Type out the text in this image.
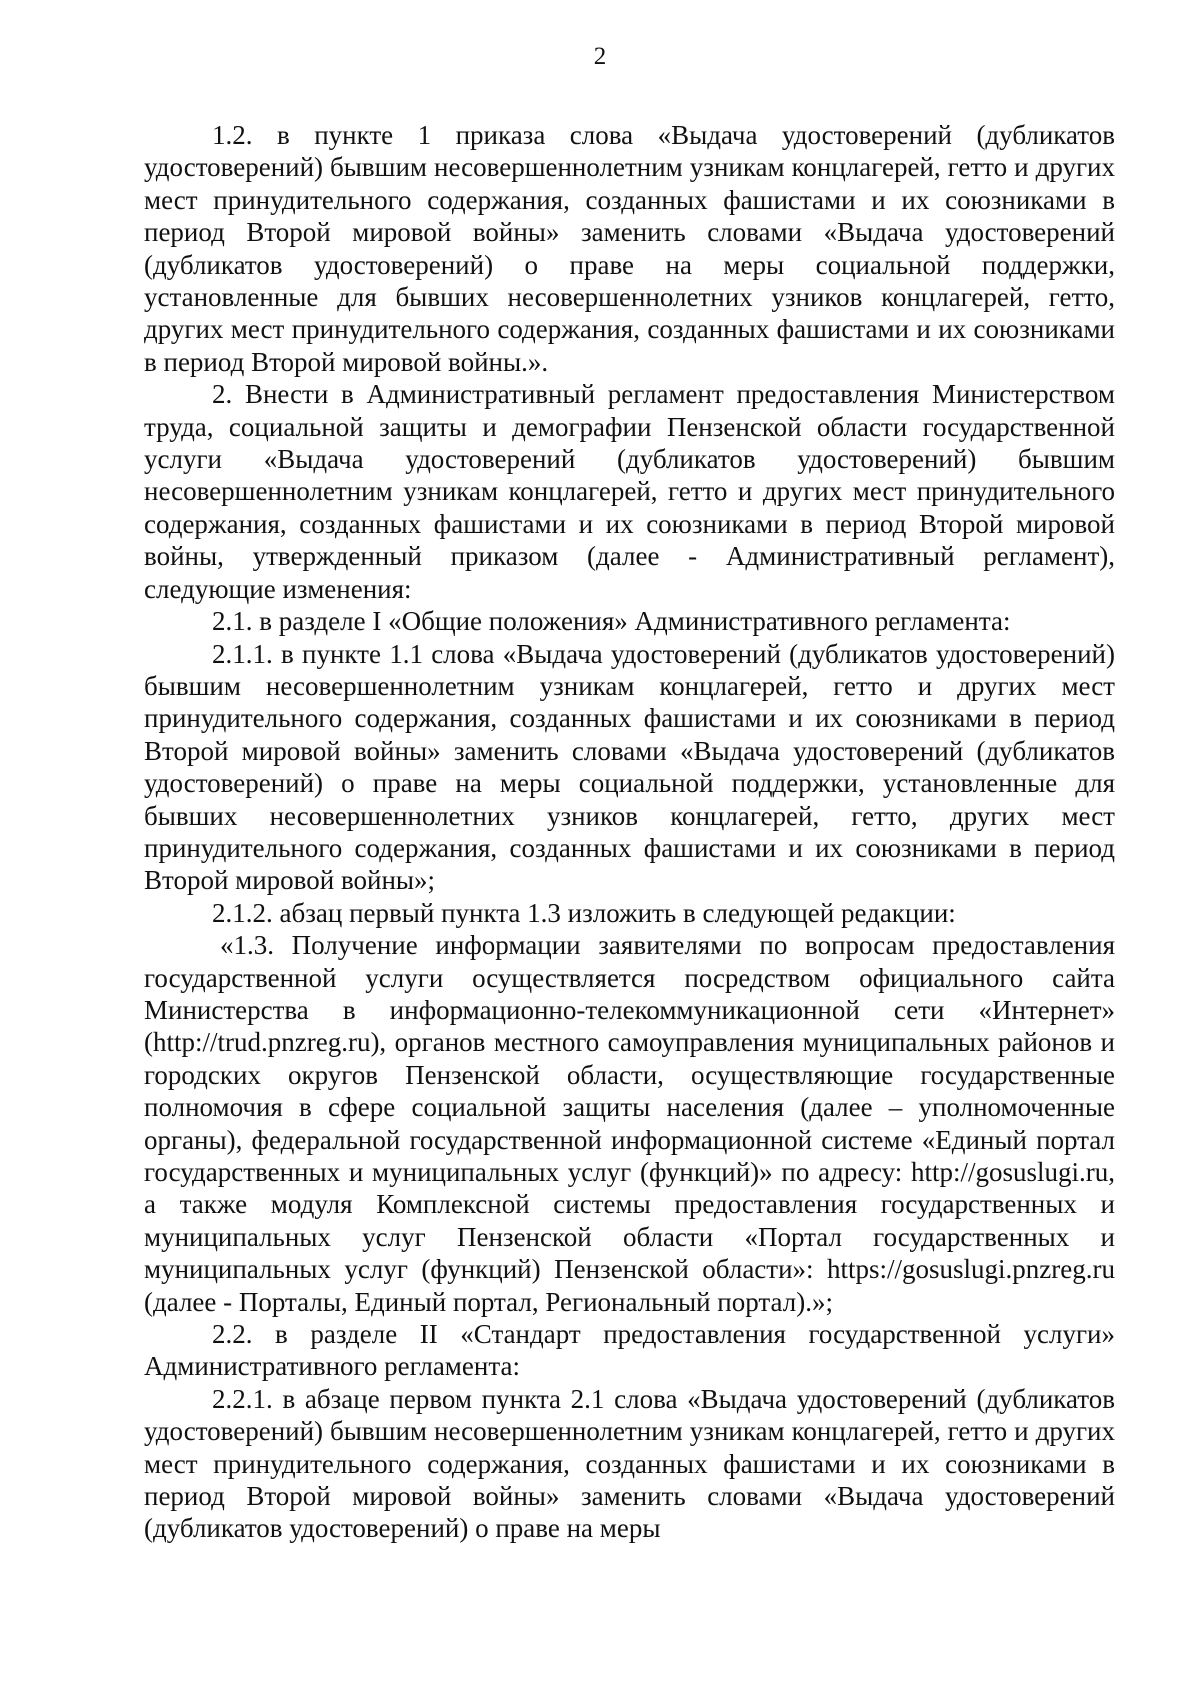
2

1.2. в пункте 1 приказа слова «Выдача удостоверений (дубликатов удостоверений) бывшим несовершеннолетним узникам концлагерей, гетто и других мест принудительного содержания, созданных фашистами и их союзниками в период Второй мировой войны» заменить словами «Выдача удостоверений (дубликатов удостоверений) о праве на меры социальной поддержки, установленные для бывших несовершеннолетних узников концлагерей, гетто, других мест принудительного содержания, созданных фашистами и их союзниками в период Второй мировой войны.».

2. Внести в Административный регламент предоставления Министерством труда, социальной защиты и демографии Пензенской области государственной услуги «Выдача удостоверений (дубликатов удостоверений) бывшим несовершеннолетним узникам концлагерей, гетто и других мест принудительного содержания, созданных фашистами и их союзниками в период Второй мировой войны, утвержденный приказом (далее - Административный регламент), следующие изменения:

2.1. в разделе I «Общие положения» Административного регламента:

2.1.1. в пункте 1.1 слова «Выдача удостоверений (дубликатов удостоверений) бывшим несовершеннолетним узникам концлагерей, гетто и других мест принудительного содержания, созданных фашистами и их союзниками в период Второй мировой войны» заменить словами «Выдача удостоверений (дубликатов удостоверений) о праве на меры социальной поддержки, установленные для бывших несовершеннолетних узников концлагерей, гетто, других мест принудительного содержания, созданных фашистами и их союзниками в период Второй мировой войны»;

2.1.2. абзац первый пункта 1.3 изложить в следующей редакции:

«1.3. Получение информации заявителями по вопросам предоставления государственной услуги осуществляется посредством официального сайта Министерства в информационно-телекоммуникационной сети «Интернет» (http://trud.pnzreg.ru), органов местного самоуправления муниципальных районов и городских округов Пензенской области, осуществляющие государственные полномочия в сфере социальной защиты населения (далее – уполномоченные органы), федеральной государственной информационной системе «Единый портал государственных и муниципальных услуг (функций)» по адресу: http://gosuslugi.ru, а также модуля Комплексной системы предоставления государственных и муниципальных услуг Пензенской области «Портал государственных и муниципальных услуг (функций) Пензенской области»: https://gosuslugi.pnzreg.ru (далее - Порталы, Единый портал, Региональный портал).»;

2.2. в разделе II «Стандарт предоставления государственной услуги» Административного регламента:

2.2.1. в абзаце первом пункта 2.1 слова «Выдача удостоверений (дубликатов удостоверений) бывшим несовершеннолетним узникам концлагерей, гетто и других мест принудительного содержания, созданных фашистами и их союзниками в период Второй мировой войны» заменить словами «Выдача удостоверений (дубликатов удостоверений) о праве на меры
